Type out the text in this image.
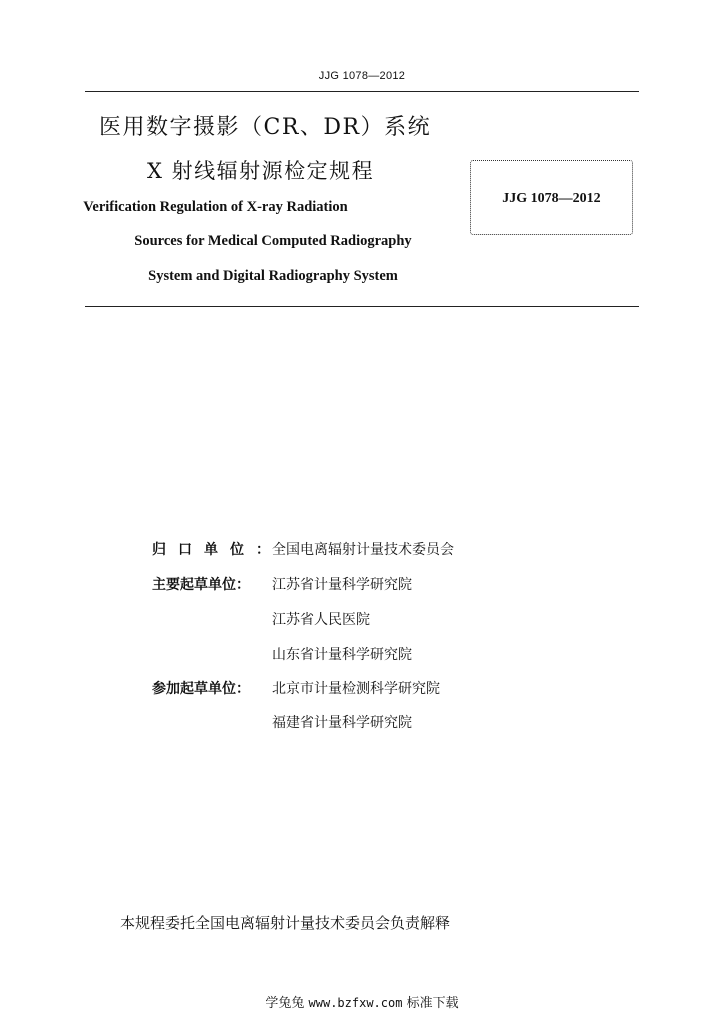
JJG 1078—2012
医用数字摄影（CR、DR）系统
X 射线辐射源检定规程
Verification Regulation of X-ray Radiation
Sources for Medical Computed Radiography
System and Digital Radiography System
JJG 1078—2012
归口单位：全国电离辐射计量技术委员会
主要起草单位： 江苏省计量科学研究院
江苏省人民医院
山东省计量科学研究院
参加起草单位： 北京市计量检测科学研究院
福建省计量科学研究院
本规程委托全国电离辐射计量技术委员会负责解释
学兔兔 www.bzfxw.com 标准下载
